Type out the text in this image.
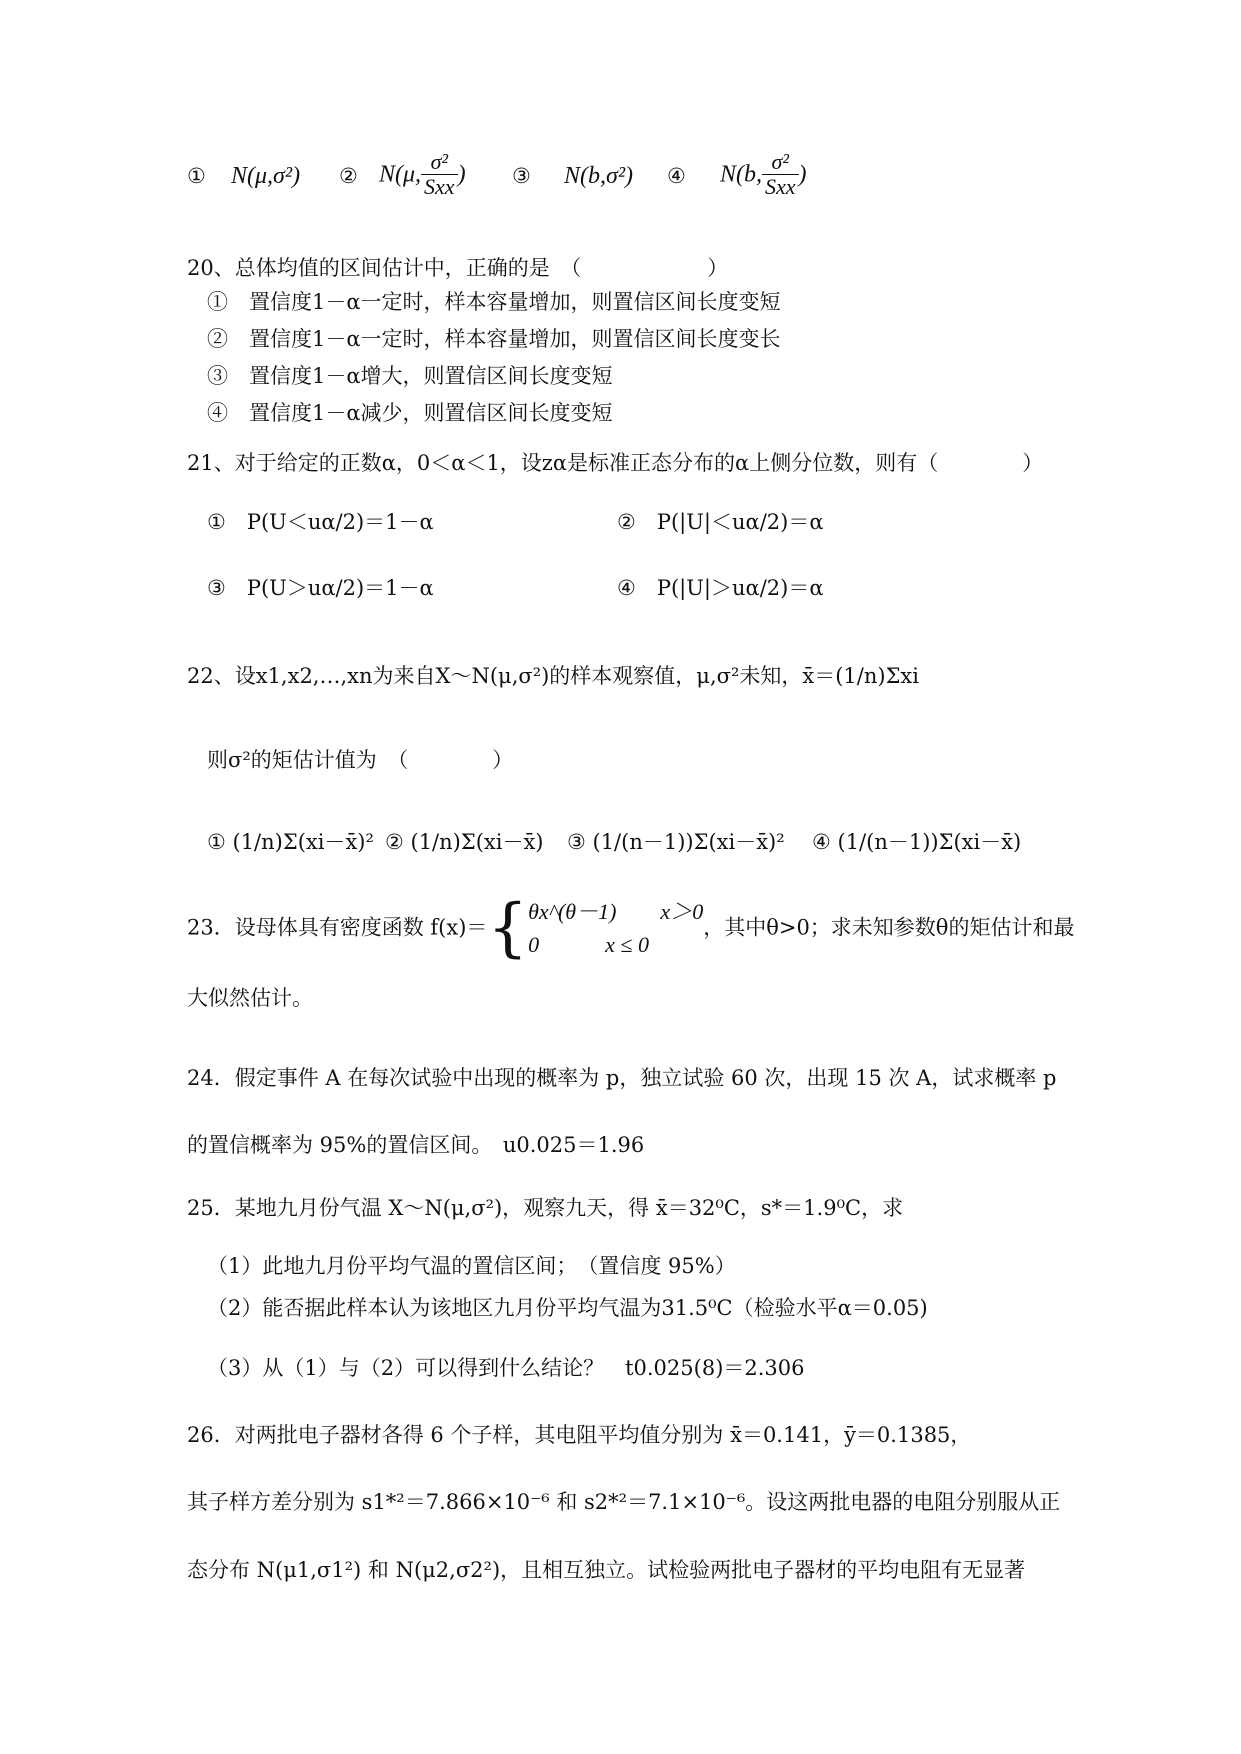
① N(μ,σ²) ② N(μ, $\frac{\text{σ²}}{\text{Sxx}}$ ) ③ N(b,σ²) ④ N(b, $\frac{\text{σ²}}{\text{Sxx}}$ )
20、总体均值的区间估计中，正确的是　（　　　　　　）
①　 置信度1－α一定时，样本容量增加，则置信区间长度变短
②　 置信度1－α一定时，样本容量增加，则置信区间长度变长
③　 置信度1－α增大，则置信区间长度变短
④　 置信度1－α减少，则置信区间长度变短
21、对于给定的正数α，0＜α＜1，设zα是标准正态分布的α上侧分位数，则有（　　　　）
①　P(U＜uα/2)＝1－α	②　P(|U|＜uα/2)＝α
③　P(U＞uα/2)＝1－α	④　P(|U|＞uα/2)＝α
22、设x1,x2,…,xn为来自X～N(μ,σ²)的样本观察值，μ,σ²未知，x̄＝(1/n)Σxi
则σ²的矩估计值为　（　　　　）
① (1/n)Σ(xi－x̄)² ② (1/n)Σ(xi－x̄) ③ (1/(n－1))Σ(xi－x̄)² ④ (1/(n－1))Σ(xi－x̄)
23．设母体具有密度函数 f(x)＝{ θx^(θ－1)　　x＞0
0　　　x ≤ 0
，其中θ>0；求未知参数θ的矩估计和最
大似然估计。
24．假定事件 A 在每次试验中出现的概率为 p，独立试验 60 次，出现 15 次 A，试求概率 p
的置信概率为 95%的置信区间。　u0.025＝1.96
25．某地九月份气温 X～N(μ,σ²)，观察九天，得 x̄＝32⁰C，s*＝1.9⁰C，求
（1）此地九月份平均气温的置信区间；　（置信度 95%）
（2）能否据此样本认为该地区九月份平均气温为31.5⁰C（检验水平α＝0.05)
（3）从（1）与（2）可以得到什么结论？　t0.025(8)＝2.306
26．对两批电子器材各得 6 个子样，其电阻平均值分别为 x̄＝0.141，ȳ＝0.1385，
其子样方差分别为 s1*²＝7.866×10⁻⁶ 和 s2*²＝7.1×10⁻⁶。设这两批电器的电阻分别服从正
态分布 N(μ1,σ1²) 和 N(μ2,σ2²)，且相互独立。试检验两批电子器材的平均电阻有无显著
